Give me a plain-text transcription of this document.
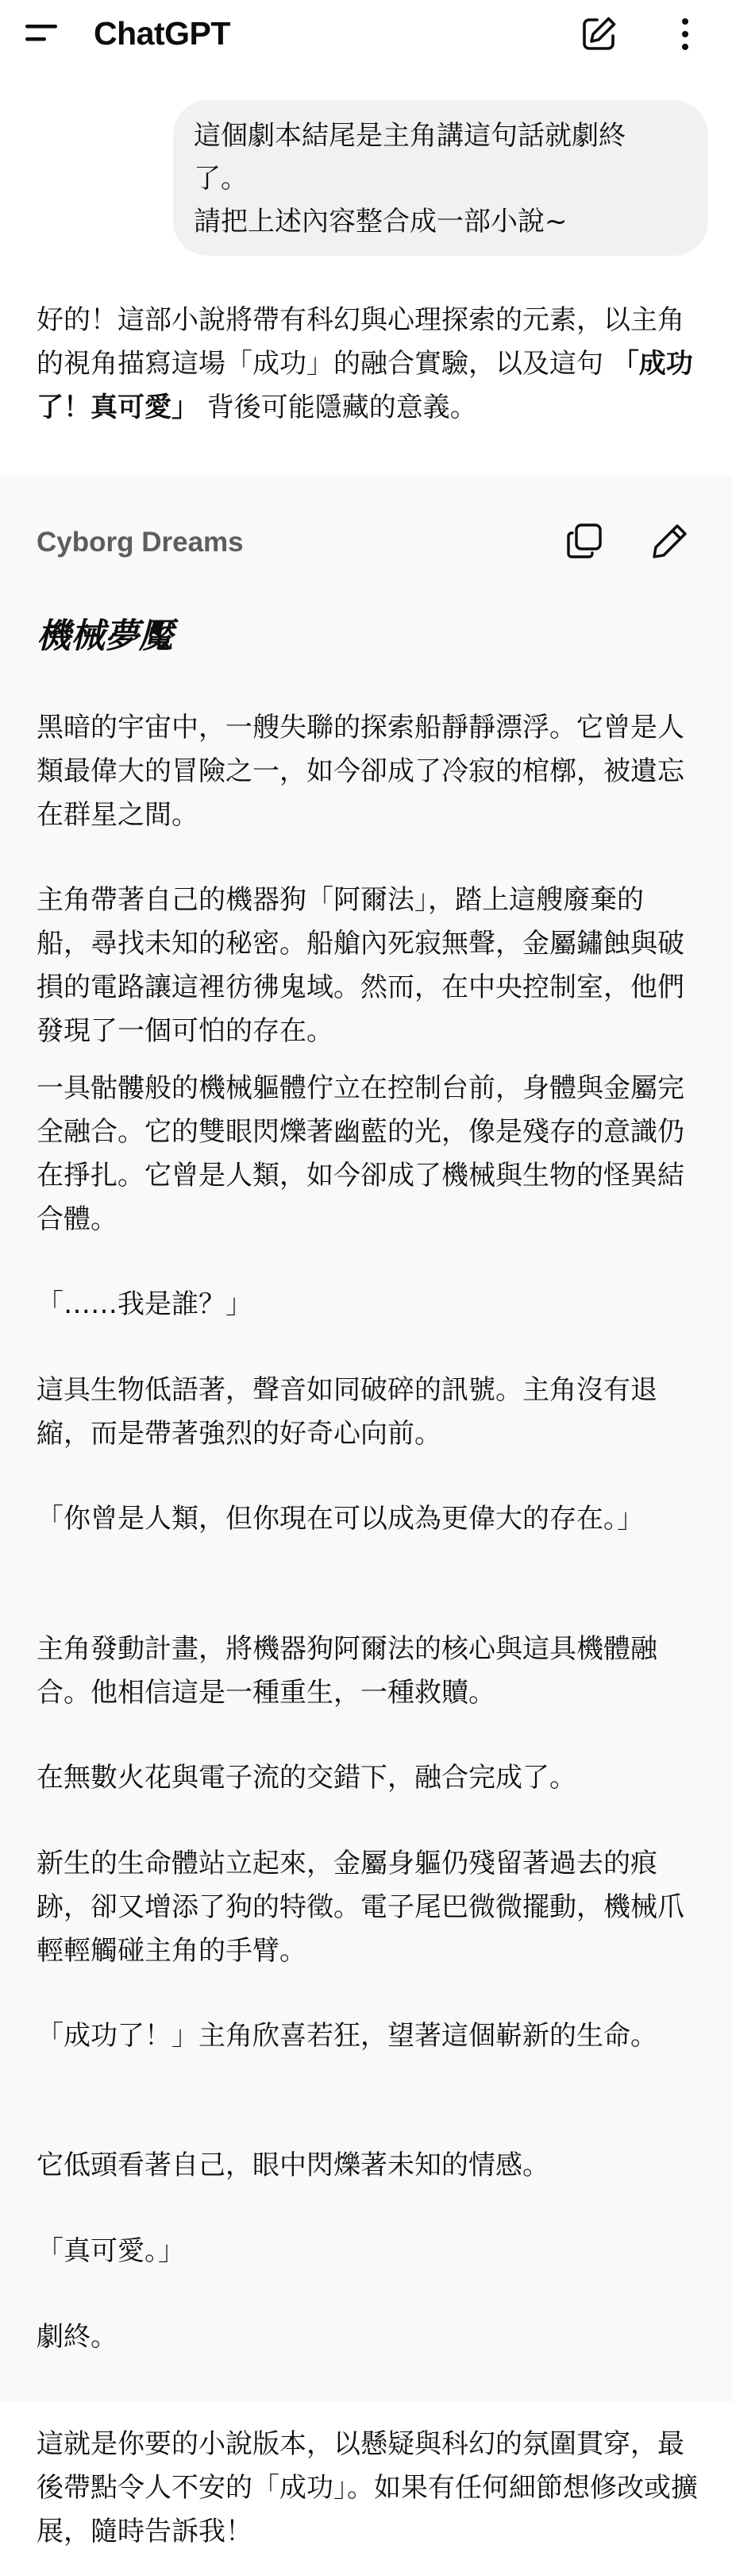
ChatGPT
這個劇本結尾是主角講這句話就劇終
了。
請把上述內容整合成一部小說~
好的！這部小說將帶有科幻與心理探索的元素，以主角的視角描寫這場「成功」的融合實驗，以及這句 「成功了！真可愛」 背後可能隱藏的意義。
Cyborg Dreams
機械夢魘
黑暗的宇宙中，一艘失聯的探索船靜靜漂浮。它曾是人類最偉大的冒險之一，如今卻成了冷寂的棺槨，被遺忘在群星之間。
主角帶著自己的機器狗「阿爾法」，踏上這艘廢棄的船，尋找未知的秘密。船艙內死寂無聲，金屬鏽蝕與破損的電路讓這裡彷彿鬼域。然而，在中央控制室，他們發現了一個可怕的存在。
一具骷髏般的機械軀體佇立在控制台前，身體與金屬完全融合。它的雙眼閃爍著幽藍的光，像是殘存的意識仍在掙扎。它曾是人類，如今卻成了機械與生物的怪異結合體。
「……我是誰？」
這具生物低語著，聲音如同破碎的訊號。主角沒有退縮，而是帶著強烈的好奇心向前。
「你曾是人類，但你現在可以成為更偉大的存在。」
主角發動計畫，將機器狗阿爾法的核心與這具機體融合。他相信這是一種重生，一種救贖。
在無數火花與電子流的交錯下，融合完成了。
新生的生命體站立起來，金屬身軀仍殘留著過去的痕跡，卻又增添了狗的特徵。電子尾巴微微擺動，機械爪輕輕觸碰主角的手臂。
「成功了！」主角欣喜若狂，望著這個嶄新的生命。
它低頭看著自己，眼中閃爍著未知的情感。
「真可愛。」
劇終。
這就是你要的小說版本，以懸疑與科幻的氛圍貫穿，最後帶點令人不安的「成功」。如果有任何細節想修改或擴展，隨時告訴我！
